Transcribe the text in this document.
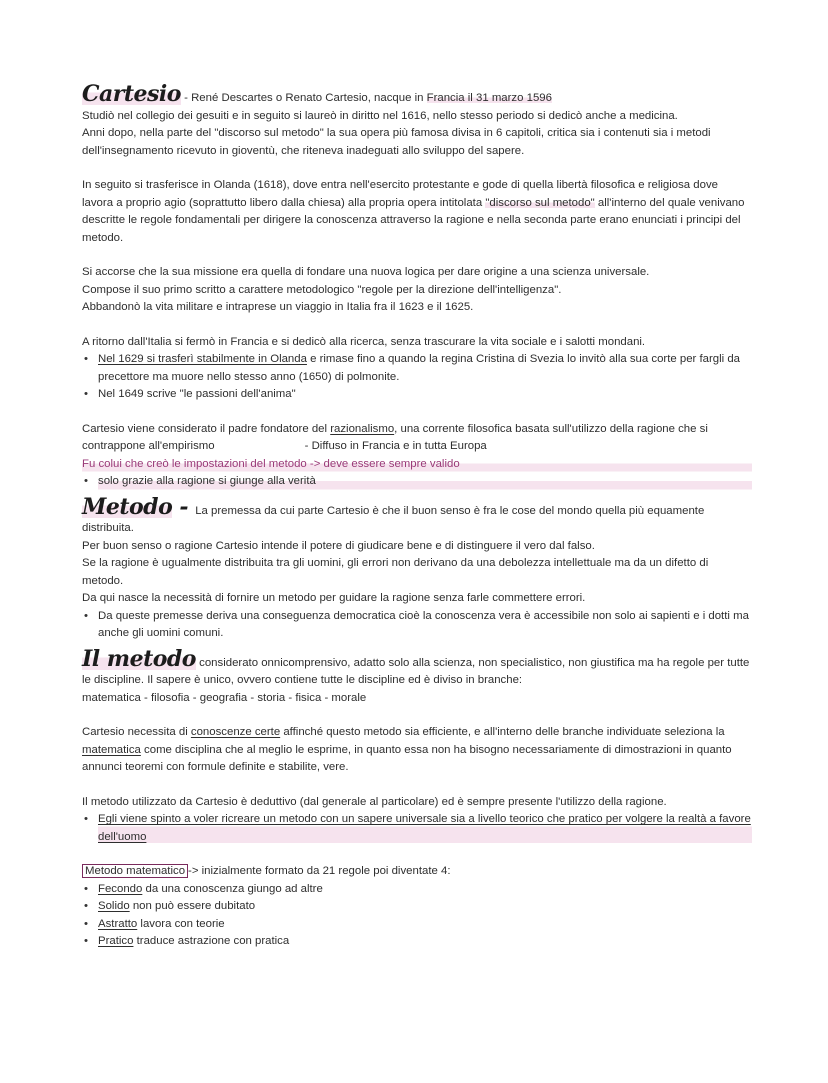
Cartesio - René Descartes o Renato Cartesio, nacque in Francia il 31 marzo 1596

Studiò nel collegio dei gesuiti e in seguito si laureò in diritto nel 1616, nello stesso periodo si dedicò anche a medicina.

Anni dopo, nella parte del "discorso sul metodo" la sua opera più famosa divisa in 6 capitoli, critica sia i contenuti sia i metodi dell'insegnamento ricevuto in gioventù, che riteneva inadeguati allo sviluppo del sapere.

In seguito si trasferisce in Olanda (1618), dove entra nell'esercito protestante e gode di quella libertà filosofica e religiosa dove lavora a proprio agio (soprattutto libero dalla chiesa) alla propria opera intitolata "discorso sul metodo" all'interno del quale venivano descritte le regole fondamentali per dirigere la conoscenza attraverso la ragione e nella seconda parte erano enunciati i principi del metodo.

Si accorse che la sua missione era quella di fondare una nuova logica per dare origine a una scienza universale.

Compose il suo primo scritto a carattere metodologico "regole per la direzione dell'intelligenza".

Abbandonò la vita militare e intraprese un viaggio in Italia fra il 1623 e il 1625.

A ritorno dall'Italia si fermò in Francia e si dedicò alla ricerca, senza trascurare la vita sociale e i salotti mondani.

• Nel 1629 si trasferì stabilmente in Olanda e rimase fino a quando la regina Cristina di Svezia lo invitò alla sua corte per fargli da precettore ma muore nello stesso anno (1650) di polmonite.
• Nel 1649 scrive "le passioni dell'anima"

Cartesio viene considerato il padre fondatore del razionalismo, una corrente filosofica basata sull'utilizzo della ragione che si contrappone all'empirismo	- Diffuso in Francia e in tutta Europa

Fu colui che creò le impostazioni del metodo -> deve essere sempre valido

• solo grazie alla ragione si giunge alla verità

Metodo - La premessa da cui parte Cartesio è che il buon senso è fra le cose del mondo quella più equamente distribuita.

Per buon senso o ragione Cartesio intende il potere di giudicare bene e di distinguere il vero dal falso.

Se la ragione è ugualmente distribuita tra gli uomini, gli errori non derivano da una debolezza intellettuale ma da un difetto di metodo.

Da qui nasce la necessità di fornire un metodo per guidare la ragione senza farle commettere errori.

• Da queste premesse deriva una conseguenza democratica cioè la conoscenza vera è accessibile non solo ai sapienti e i dotti ma anche gli uomini comuni.

Il metodo considerato onnicomprensivo, adatto solo alla scienza, non specialistico, non giustifica ma ha regole per tutte le discipline. Il sapere è unico, ovvero contiene tutte le discipline ed è diviso in branche:

matematica - filosofia - geografia - storia - fisica - morale

Cartesio necessita di conoscenze certe affinché questo metodo sia efficiente, e all'interno delle branche individuate seleziona la matematica come disciplina che al meglio le esprime, in quanto essa non ha bisogno necessariamente di dimostrazioni in quanto annunci teoremi con formule definite e stabilite, vere.

Il metodo utilizzato da Cartesio è deduttivo (dal generale al particolare) ed è sempre presente l'utilizzo della ragione.

• Egli viene spinto a voler ricreare un metodo con un sapere universale sia a livello teorico che pratico per volgere la realtà a favore dell'uomo

Metodo matematico -> inizialmente formato da 21 regole poi diventate 4:

• Fecondo da una conoscenza giungo ad altre
• Solido non può essere dubitato
• Astratto lavora con teorie
• Pratico traduce astrazione con pratica
